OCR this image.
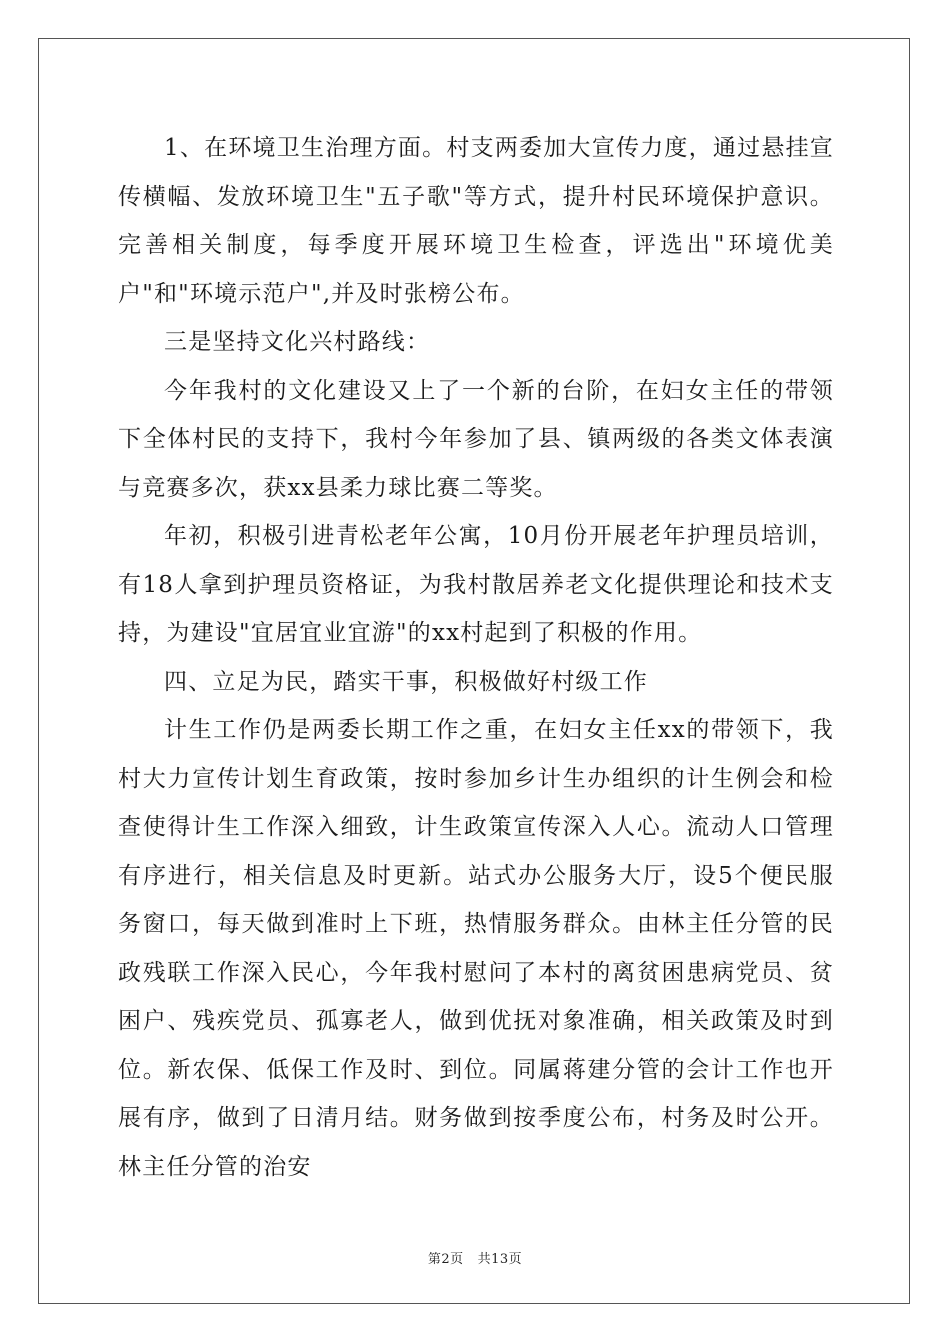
1、在环境卫生治理方面。村支两委加大宣传力度，通过悬挂宣传横幅、发放环境卫生"五子歌"等方式，提升村民环境保护意识。完善相关制度，每季度开展环境卫生检查，评选出"环境优美户"和"环境示范户",并及时张榜公布。

三是坚持文化兴村路线：

今年我村的文化建设又上了一个新的台阶，在妇女主任的带领下全体村民的支持下，我村今年参加了县、镇两级的各类文体表演与竞赛多次，获xx县柔力球比赛二等奖。

年初，积极引进青松老年公寓，10月份开展老年护理员培训，有18人拿到护理员资格证，为我村散居养老文化提供理论和技术支持，为建设"宜居宜业宜游"的xx村起到了积极的作用。

四、立足为民，踏实干事，积极做好村级工作

计生工作仍是两委长期工作之重，在妇女主任xx的带领下，我村大力宣传计划生育政策，按时参加乡计生办组织的计生例会和检查使得计生工作深入细致，计生政策宣传深入人心。流动人口管理有序进行，相关信息及时更新。站式办公服务大厅，设5个便民服务窗口，每天做到准时上下班，热情服务群众。由林主任分管的民政残联工作深入民心，今年我村慰问了本村的离贫困患病党员、贫困户、残疾党员、孤寡老人，做到优抚对象准确，相关政策及时到位。新农保、低保工作及时、到位。同属蒋建分管的会计工作也开展有序，做到了日清月结。财务做到按季度公布，村务及时公开。林主任分管的治安

第2页 共13页
